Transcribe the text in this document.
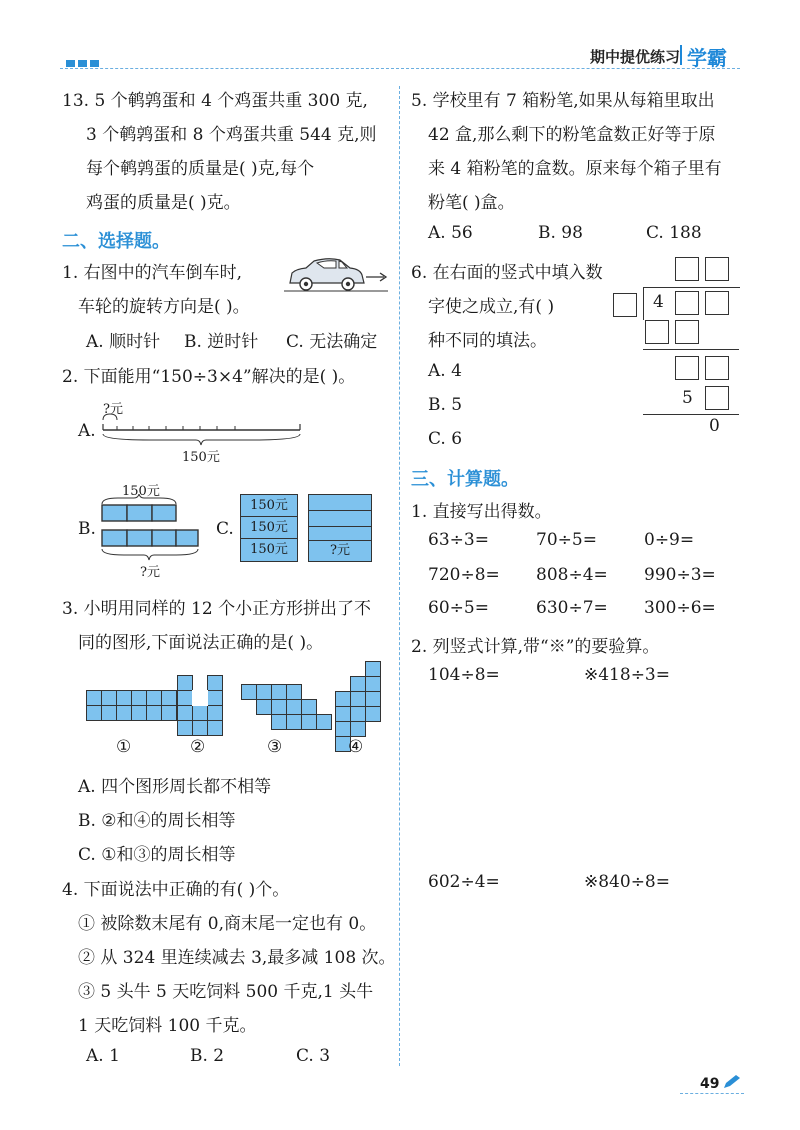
期中提优练习 学霸
13. 5 个鹌鹑蛋和 4 个鸡蛋共重 300 克,
3 个鹌鹑蛋和 8 个鸡蛋共重 544 克,则
每个鹌鹑蛋的质量是( )克,每个
鸡蛋的质量是( )克。
二、选择题。
1. 右图中的汽车倒车时,
车轮的旋转方向是( )。
A. 顺时针 B. 逆时针 C. 无法确定
2. 下面能用“150÷3×4”解决的是( )。
A.
?元
150元
B.
150元
?元
C.
150元
150元
150元	?元
3. 小明用同样的 12 个小正方形拼出了不
同的图形,下面说法正确的是( )。
①	②	③	④
A. 四个图形周长都不相等
B. ②和④的周长相等
C. ①和③的周长相等
4. 下面说法中正确的有( )个。
① 被除数末尾有 0,商末尾一定也有 0。
② 从 324 里连续减去 3,最多减 108 次。
③ 5 头牛 5 天吃饲料 500 千克,1 头牛
1 天吃饲料 100 千克。
A. 1	B. 2	C. 3
5. 学校里有 7 箱粉笔,如果从每箱里取出
42 盒,那么剩下的粉笔盒数正好等于原
来 4 箱粉笔的盒数。原来每个箱子里有
粉笔( )盒。
A. 56	B. 98	C. 188
6. 在右面的竖式中填入数
字使之成立,有( )
种不同的填法。
A. 4
B. 5
C. 6
4
5
0
三、计算题。
1. 直接写出得数。
63÷3=	70÷5=	0÷9=
720÷8= 808÷4= 990÷3=
60÷5=	630÷7= 300÷6=
2. 列竖式计算,带“※”的要验算。
104÷8=	※418÷3=
602÷4=	※840÷8=
49
